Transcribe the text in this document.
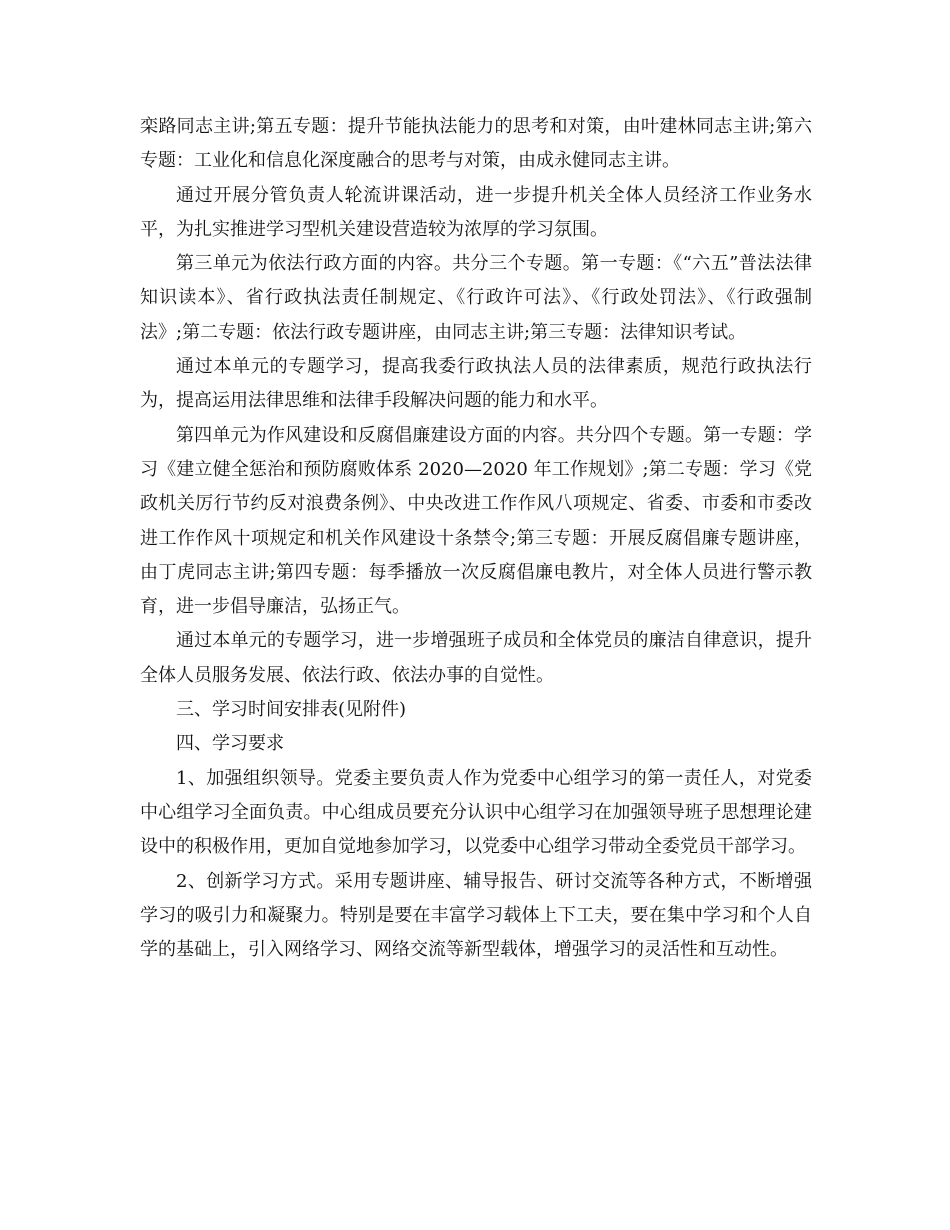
栾路同志主讲;第五专题：提升节能执法能力的思考和对策，由叶建林同志主讲;第六专题：工业化和信息化深度融合的思考与对策，由成永健同志主讲。

通过开展分管负责人轮流讲课活动，进一步提升机关全体人员经济工作业务水平，为扎实推进学习型机关建设营造较为浓厚的学习氛围。

第三单元为依法行政方面的内容。共分三个专题。第一专题：《“六五”普法法律知识读本》、省行政执法责任制规定、《行政许可法》、《行政处罚法》、《行政强制法》;第二专题：依法行政专题讲座，由同志主讲;第三专题：法律知识考试。

通过本单元的专题学习，提高我委行政执法人员的法律素质，规范行政执法行为，提高运用法律思维和法律手段解决问题的能力和水平。

第四单元为作风建设和反腐倡廉建设方面的内容。共分四个专题。第一专题：学习《建立健全惩治和预防腐败体系 2020—2020 年工作规划》;第二专题：学习《党政机关厉行节约反对浪费条例》、中央改进工作作风八项规定、省委、市委和市委改进工作作风十项规定和机关作风建设十条禁令;第三专题：开展反腐倡廉专题讲座，由丁虎同志主讲;第四专题：每季播放一次反腐倡廉电教片，对全体人员进行警示教育，进一步倡导廉洁，弘扬正气。

通过本单元的专题学习，进一步增强班子成员和全体党员的廉洁自律意识，提升全体人员服务发展、依法行政、依法办事的自觉性。

三、学习时间安排表(见附件)

四、学习要求

1、加强组织领导。党委主要负责人作为党委中心组学习的第一责任人，对党委中心组学习全面负责。中心组成员要充分认识中心组学习在加强领导班子思想理论建设中的积极作用，更加自觉地参加学习，以党委中心组学习带动全委党员干部学习。

2、创新学习方式。采用专题讲座、辅导报告、研讨交流等各种方式，不断增强学习的吸引力和凝聚力。特别是要在丰富学习载体上下工夫，要在集中学习和个人自学的基础上，引入网络学习、网络交流等新型载体，增强学习的灵活性和互动性。
